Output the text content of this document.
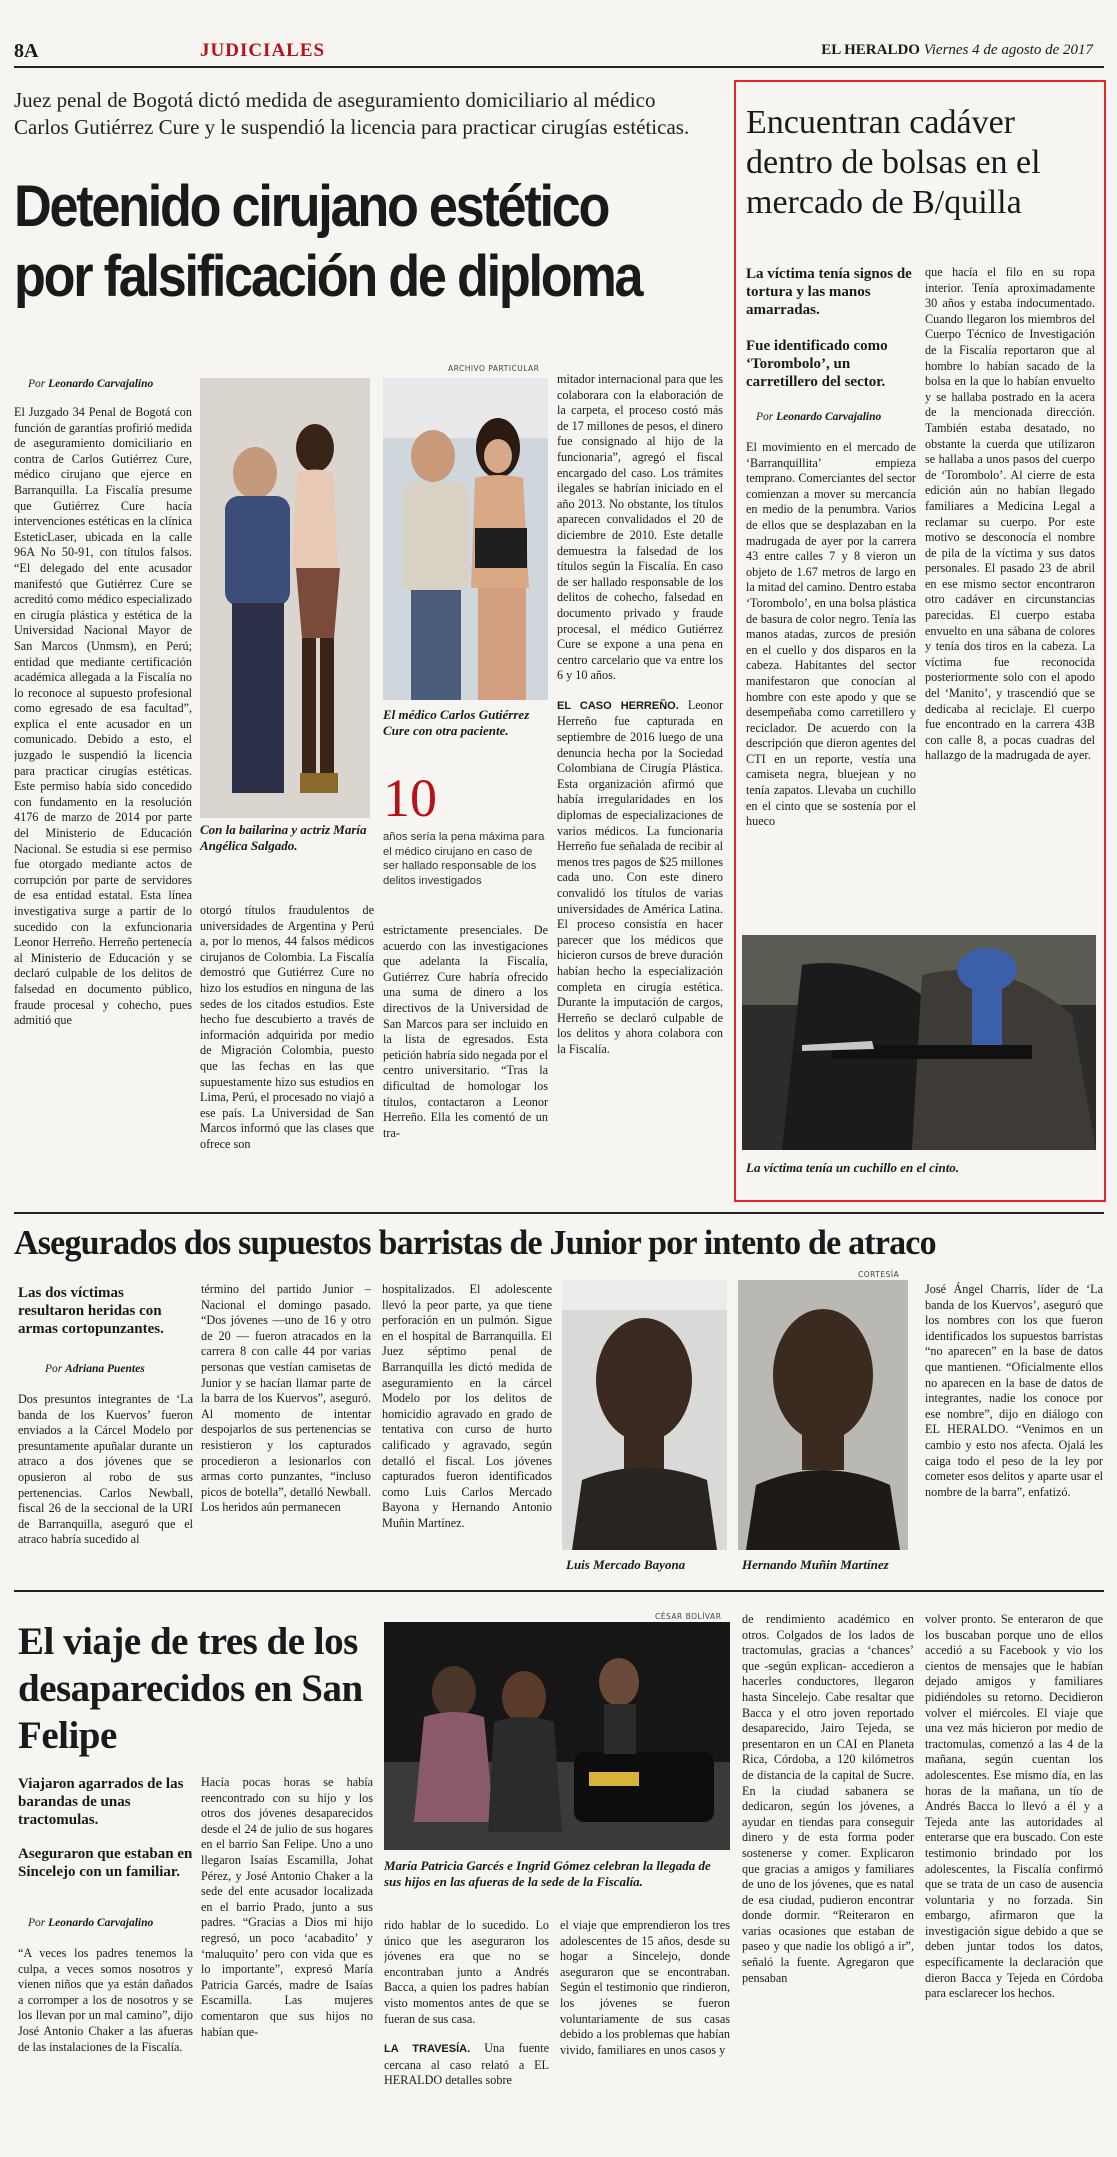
8A	JUDICIALES	EL HERALDO Viernes 4 de agosto de 2017
Juez penal de Bogotá dictó medida de aseguramiento domiciliario al médico Carlos Gutiérrez Cure y le suspendió la licencia para practicar cirugías estéticas.
Detenido cirujano estético por falsificación de diploma
Por Leonardo Carvajalino
El Juzgado 34 Penal de Bogotá con función de garantías profirió medida de aseguramiento domiciliario en contra de Carlos Gutiérrez Cure, médico cirujano que ejerce en Barranquilla. La Fiscalía presume que Gutiérrez Cure hacía intervenciones estéticas en la clínica EsteticLaser, ubicada en la calle 96A No 50-91, con títulos falsos. “El delegado del ente acusador manifestó que Gutiérrez Cure se acreditó como médico especializado en cirugía plástica y estética de la Universidad Nacional Mayor de San Marcos (Unmsm), en Perú; entidad que mediante certificación académica allegada a la Fiscalía no lo reconoce al supuesto profesional como egresado de esa facultad”, explica el ente acusador en un comunicado. Debido a esto, el juzgado le suspendió la licencia para practicar cirugías estéticas. Este permiso había sido concedido con fundamento en la resolución 4176 de marzo de 2014 por parte del Ministerio de Educación Nacional. Se estudia si ese permiso fue otorgado mediante actos de corrupción por parte de servidores de esa entidad estatal. Esta línea investigativa surge a partir de lo sucedido con la exfuncionaria Leonor Herreño. Herreño pertenecía al Ministerio de Educación y se declaró culpable de los delitos de falsedad en documento público, fraude procesal y cohecho, pues admitió que
ARCHIVO PARTICULAR
Con la bailarina y actriz María Angélica Salgado.
El médico Carlos Gutiérrez Cure con otra paciente.
10
años sería la pena máxima para el médico cirujano en caso de ser hallado responsable de los delitos investigados
otorgó títulos fraudulentos de universidades de Argentina y Perú a, por lo menos, 44 falsos médicos cirujanos de Colombia. La Fiscalía demostró que Gutiérrez Cure no hizo los estudios en ninguna de las sedes de los citados estudios. Este hecho fue descubierto a través de información adquirida por medio de Migración Colombia, puesto que las fechas en las que supuestamente hizo sus estudios en Lima, Perú, el procesado no viajó a ese país. La Universidad de San Marcos informó que las clases que ofrece son
estrictamente presenciales. De acuerdo con las investigaciones que adelanta la Fiscalía, Gutiérrez Cure habría ofrecido una suma de dinero a los directivos de la Universidad de San Marcos para ser incluido en la lista de egresados. Esta petición habría sido negada por el centro universitario. “Tras la dificultad de homologar los títulos, contactaron a Leonor Herreño. Ella les comentó de un tra-
mitador internacional para que les colaborara con la elaboración de la carpeta, el proceso costó más de 17 millones de pesos, el dinero fue consignado al hijo de la funcionaria”, agregó el fiscal encargado del caso. Los trámites ilegales se habrían iniciado en el año 2013. No obstante, los títulos aparecen convalidados el 20 de diciembre de 2010. Este detalle demuestra la falsedad de los títulos según la Fiscalía. En caso de ser hallado responsable de los delitos de cohecho, falsedad en documento privado y fraude procesal, el médico Gutiérrez Cure se expone a una pena en centro carcelario que va entre los 6 y 10 años.
EL CASO HERREÑO. Leonor Herreño fue capturada en septiembre de 2016 luego de una denuncia hecha por la Sociedad Colombiana de Cirugía Plástica. Esta organización afirmó que había irregularidades en los diplomas de especializaciones de varios médicos. La funcionaria Herreño fue señalada de recibir al menos tres pagos de $25 millones cada uno. Con este dinero convalidó los títulos de varias universidades de América Latina. El proceso consistía en hacer parecer que los médicos que hicieron cursos de breve duración habían hecho la especialización completa en cirugía estética. Durante la imputación de cargos, Herreño se declaró culpable de los delitos y ahora colabora con la Fiscalía.
Encuentran cadáver dentro de bolsas en el mercado de B/quilla
La víctima tenía signos de tortura y las manos amarradas.
Fue identificado como ‘Torombolo’, un carretillero del sector.
Por Leonardo Carvajalino
El movimiento en el mercado de ‘Barranquillita’ empieza temprano. Comerciantes del sector comienzan a mover su mercancía en medio de la penumbra. Varios de ellos que se desplazaban en la madrugada de ayer por la carrera 43 entre calles 7 y 8 vieron un objeto de 1.67 metros de largo en la mitad del camino. Dentro estaba ‘Torombolo’, en una bolsa plástica de basura de color negro. Tenía las manos atadas, zurcos de presión en el cuello y dos disparos en la cabeza. Habitantes del sector manifestaron que conocían al hombre con este apodo y que se desempeñaba como carretillero y reciclador. De acuerdo con la descripción que dieron agentes del CTI en un reporte, vestía una camiseta negra, bluejean y no tenía zapatos. Llevaba un cuchillo en el cinto que se sostenía por el hueco
que hacía el filo en su ropa interior. Tenía aproximadamente 30 años y estaba indocumentado. Cuando llegaron los miembros del Cuerpo Técnico de Investigación de la Fiscalía reportaron que al hombre lo habían sacado de la bolsa en la que lo habían envuelto y se hallaba postrado en la acera de la mencionada dirección. También estaba desatado, no obstante la cuerda que utilizaron se hallaba a unos pasos del cuerpo de ‘Torombolo’. Al cierre de esta edición aún no habían llegado familiares a Medicina Legal a reclamar su cuerpo. Por este motivo se desconocía el nombre de pila de la víctima y sus datos personales. El pasado 23 de abril en ese mismo sector encontraron otro cadáver en circunstancias parecidas. El cuerpo estaba envuelto en una sábana de colores y tenía dos tiros en la cabeza. La víctima fue reconocida posteriormente solo con el apodo del ‘Manito’, y trascendió que se dedicaba al reciclaje. El cuerpo fue encontrado en la carrera 43B con calle 8, a pocas cuadras del hallazgo de la madrugada de ayer.
La víctima tenía un cuchillo en el cinto.
Asegurados dos supuestos barristas de Junior por intento de atraco
Las dos víctimas resultaron heridas con armas cortopunzantes.
Por Adriana Puentes
Dos presuntos integrantes de ‘La banda de los Kuervos’ fueron enviados a la Cárcel Modelo por presuntamente apuñalar durante un atraco a dos jóvenes que se opusieron al robo de sus pertenencias. Carlos Newball, fiscal 26 de la seccional de la URI de Barranquilla, aseguró que el atraco habría sucedido al
término del partido Junior – Nacional el domingo pasado. “Dos jóvenes —uno de 16 y otro de 20 — fueron atracados en la carrera 8 con calle 44 por varias personas que vestían camisetas de Junior y se hacían llamar parte de la barra de los Kuervos”, aseguró. Al momento de intentar despojarlos de sus pertenencias se resistieron y los capturados procedieron a lesionarlos con armas corto punzantes, “incluso picos de botella”, detalló Newball. Los heridos aún permanecen
hospitalizados. El adolescente llevó la peor parte, ya que tiene perforación en un pulmón. Sigue en el hospital de Barranquilla. El Juez séptimo penal de Barranquilla les dictó medida de aseguramiento en la cárcel Modelo por los delitos de homicidio agravado en grado de tentativa con curso de hurto calificado y agravado, según detalló el fiscal. Los jóvenes capturados fueron identificados como Luis Carlos Mercado Bayona y Hernando Antonio Muñin Martínez.
CORTESÍA
Luis Mercado Bayona	Hernando Muñin Martínez
José Ángel Charris, líder de ‘La banda de los Kuervos’, aseguró que los nombres con los que fueron identificados los supuestos barristas “no aparecen” en la base de datos que mantienen. “Oficialmente ellos no aparecen en la base de datos de integrantes, nadie los conoce por ese nombre”, dijo en diálogo con EL HERALDO. “Venimos en un cambio y esto nos afecta. Ojalá les caiga todo el peso de la ley por cometer esos delitos y aparte usar el nombre de la barra”, enfatizó.
El viaje de tres de los desaparecidos en San Felipe
Viajaron agarrados de las barandas de unas tractomulas.
Aseguraron que estaban en Sincelejo con un familiar.
Por Leonardo Carvajalino
“A veces los padres tenemos la culpa, a veces somos nosotros y vienen niños que ya están dañados a corromper a los de nosotros y se los llevan por un mal camino”, dijo José Antonio Chaker a las afueras de las instalaciones de la Fiscalía.
CÉSAR BOLÍVAR
María Patricia Garcés e Ingrid Gómez celebran la llegada de sus hijos en las afueras de la sede de la Fiscalía.
Hacía pocas horas se había reencontrado con su hijo y los otros dos jóvenes desaparecidos desde el 24 de julio de sus hogares en el barrio San Felipe. Uno a uno llegaron Isaías Escamilla, Johat Pérez, y José Antonio Chaker a la sede del ente acusador localizada en el barrio Prado, junto a sus padres. “Gracias a Dios mi hijo regresó, un poco ‘acabadito’ y ‘maluquito’ pero con vida que es lo importante”, expresó María Patricia Garcés, madre de Isaías Escamilla. Las mujeres comentaron que sus hijos no habían que-
rido hablar de lo sucedido. Lo único que les aseguraron los jóvenes era que no se encontraban junto a Andrés Bacca, a quien los padres habían visto momentos antes de que se fueran de sus casa.
LA TRAVESÍA. Una fuente cercana al caso relató a EL HERALDO detalles sobre
el viaje que emprendieron los tres adolescentes de 15 años, desde su hogar a Sincelejo, donde aseguraron que se encontraban. Según el testimonio que rindieron, los jóvenes se fueron voluntariamente de sus casas debido a los problemas que habían vivido, familiares en unos casos y
de rendimiento académico en otros. Colgados de los lados de tractomulas, gracias a ‘chances’ que -según explican- accedieron a hacerles conductores, llegaron hasta Sincelejo. Cabe resaltar que Bacca y el otro joven reportado desaparecido, Jairo Tejeda, se presentaron en un CAI en Planeta Rica, Córdoba, a 120 kilómetros de distancia de la capital de Sucre. En la ciudad sabanera se dedicaron, según los jóvenes, a ayudar en tiendas para conseguir dinero y de esta forma poder sostenerse y comer. Explicaron que gracias a amigos y familiares de uno de los jóvenes, que es natal de esa ciudad, pudieron encontrar donde dormir. “Reiteraron en varias ocasiones que estaban de paseo y que nadie los obligó a ir”, señaló la fuente. Agregaron que pensaban
volver pronto. Se enteraron de que los buscaban porque uno de ellos accedió a su Facebook y vio los cientos de mensajes que le habían dejado amigos y familiares pidiéndoles su retorno. Decidieron volver el miércoles. El viaje que una vez más hicieron por medio de tractomulas, comenzó a las 4 de la mañana, según cuentan los adolescentes. Ese mismo día, en las horas de la mañana, un tío de Andrés Bacca lo llevó a él y a Tejeda ante las autoridades al enterarse que era buscado. Con este testimonio brindado por los adolescentes, la Fiscalía confirmó que se trata de un caso de ausencia voluntaria y no forzada. Sin embargo, afirmaron que la investigación sigue debido a que se deben juntar todos los datos, específicamente la declaración que dieron Bacca y Tejeda en Córdoba para esclarecer los hechos.
